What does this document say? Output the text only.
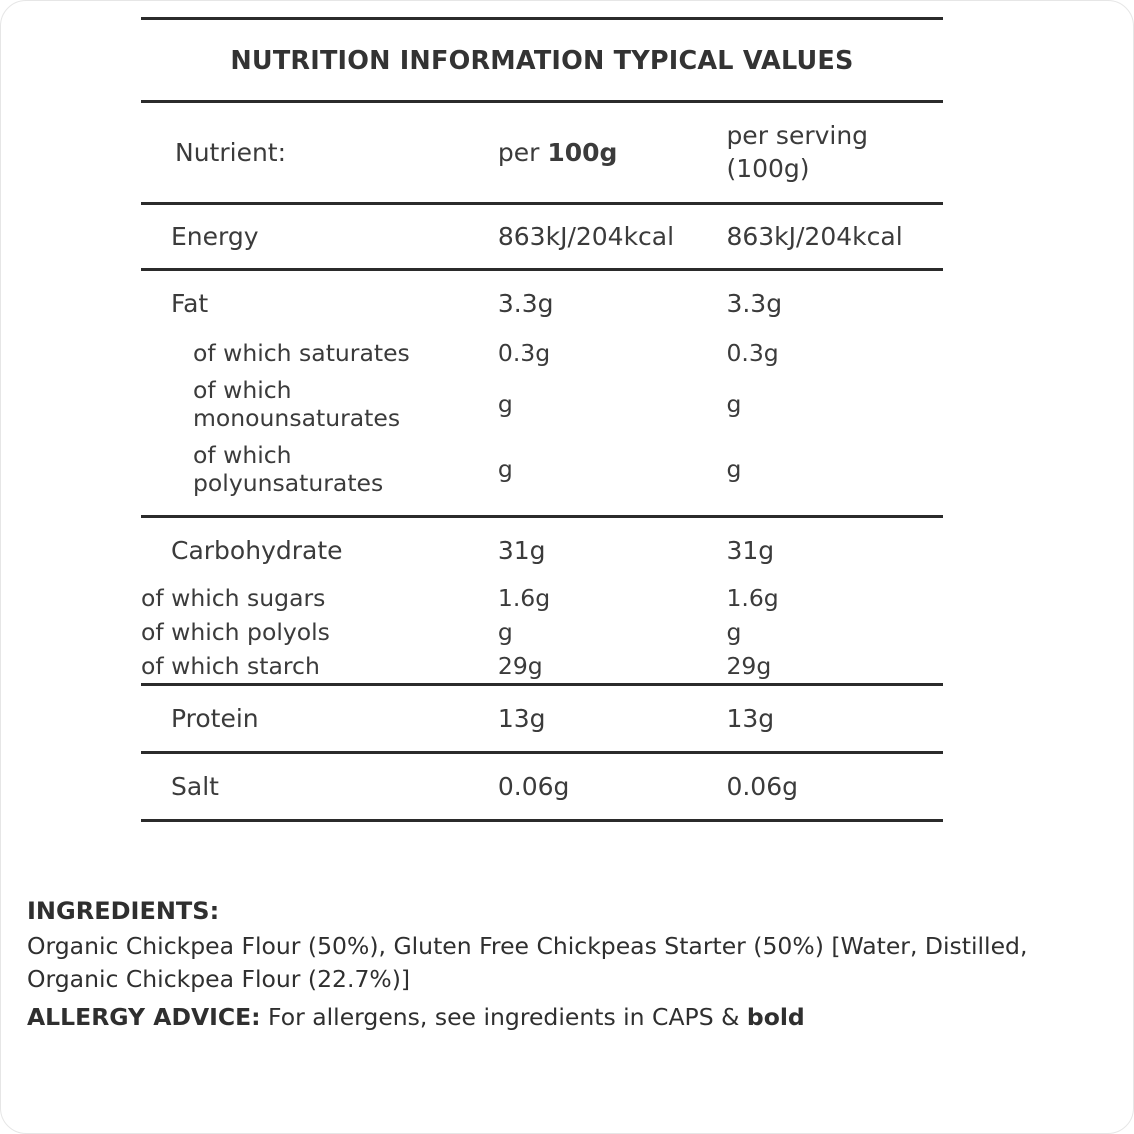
NUTRITION INFORMATION TYPICAL VALUES		
Nutrient:	per 100g	per serving
(100g)
Energy	863kJ/204kcal	863kJ/204kcal
Fat	3.3g	3.3g
of which saturates	0.3g	0.3g

of which monounsaturates	g	g

of which polyunsaturates	g	g
Carbohydrate	31g	31g
of which sugars	1.6g	1.6g
of which polyols	g	g
of which starch	29g	29g
Protein	13g	13g
Salt	0.06g	0.06g
INGREDIENTS:
Organic Chickpea Flour (50%), Gluten Free Chickpeas Starter (50%) [Water, Distilled, Organic Chickpea Flour (22.7%)]
ALLERGY ADVICE: For allergens, see ingredients in CAPS & bold
